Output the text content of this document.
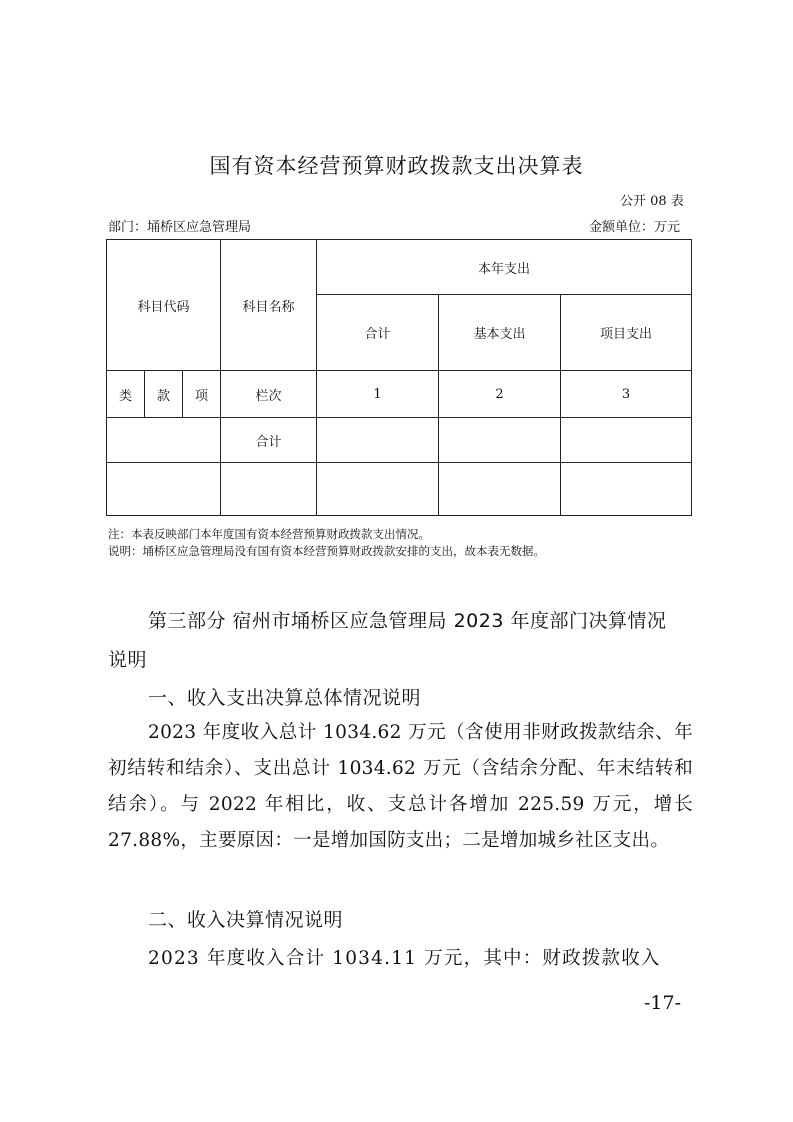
国有资本经营预算财政拨款支出决算表
公开 08 表
部门：埇桥区应急管理局	金额单位：万元
科目代码			科目名称	本年支出		
				合计	基本支出	项目支出
类	款	项	栏次	1	2	3
			合计			

注：本表反映部门本年度国有资本经营预算财政拨款支出情况。
说明：埇桥区应急管理局没有国有资本经营预算财政拨款安排的支出，故本表无数据。
第三部分 宿州市埇桥区应急管理局 2023 年度部门决算情况
说明
一、收入支出决算总体情况说明
2023 年度收入总计 1034.62 万元（含使用非财政拨款结余、年初结转和结余）、支出总计 1034.62 万元（含结余分配、年末结转和结余）。与 2022 年相比，收、支总计各增加 225.59 万元，增长 27.88%，主要原因：一是增加国防支出；二是增加城乡社区支出。
二、收入决算情况说明
2023 年度收入合计 1034.11 万元，其中：财政拨款收入
-17-
